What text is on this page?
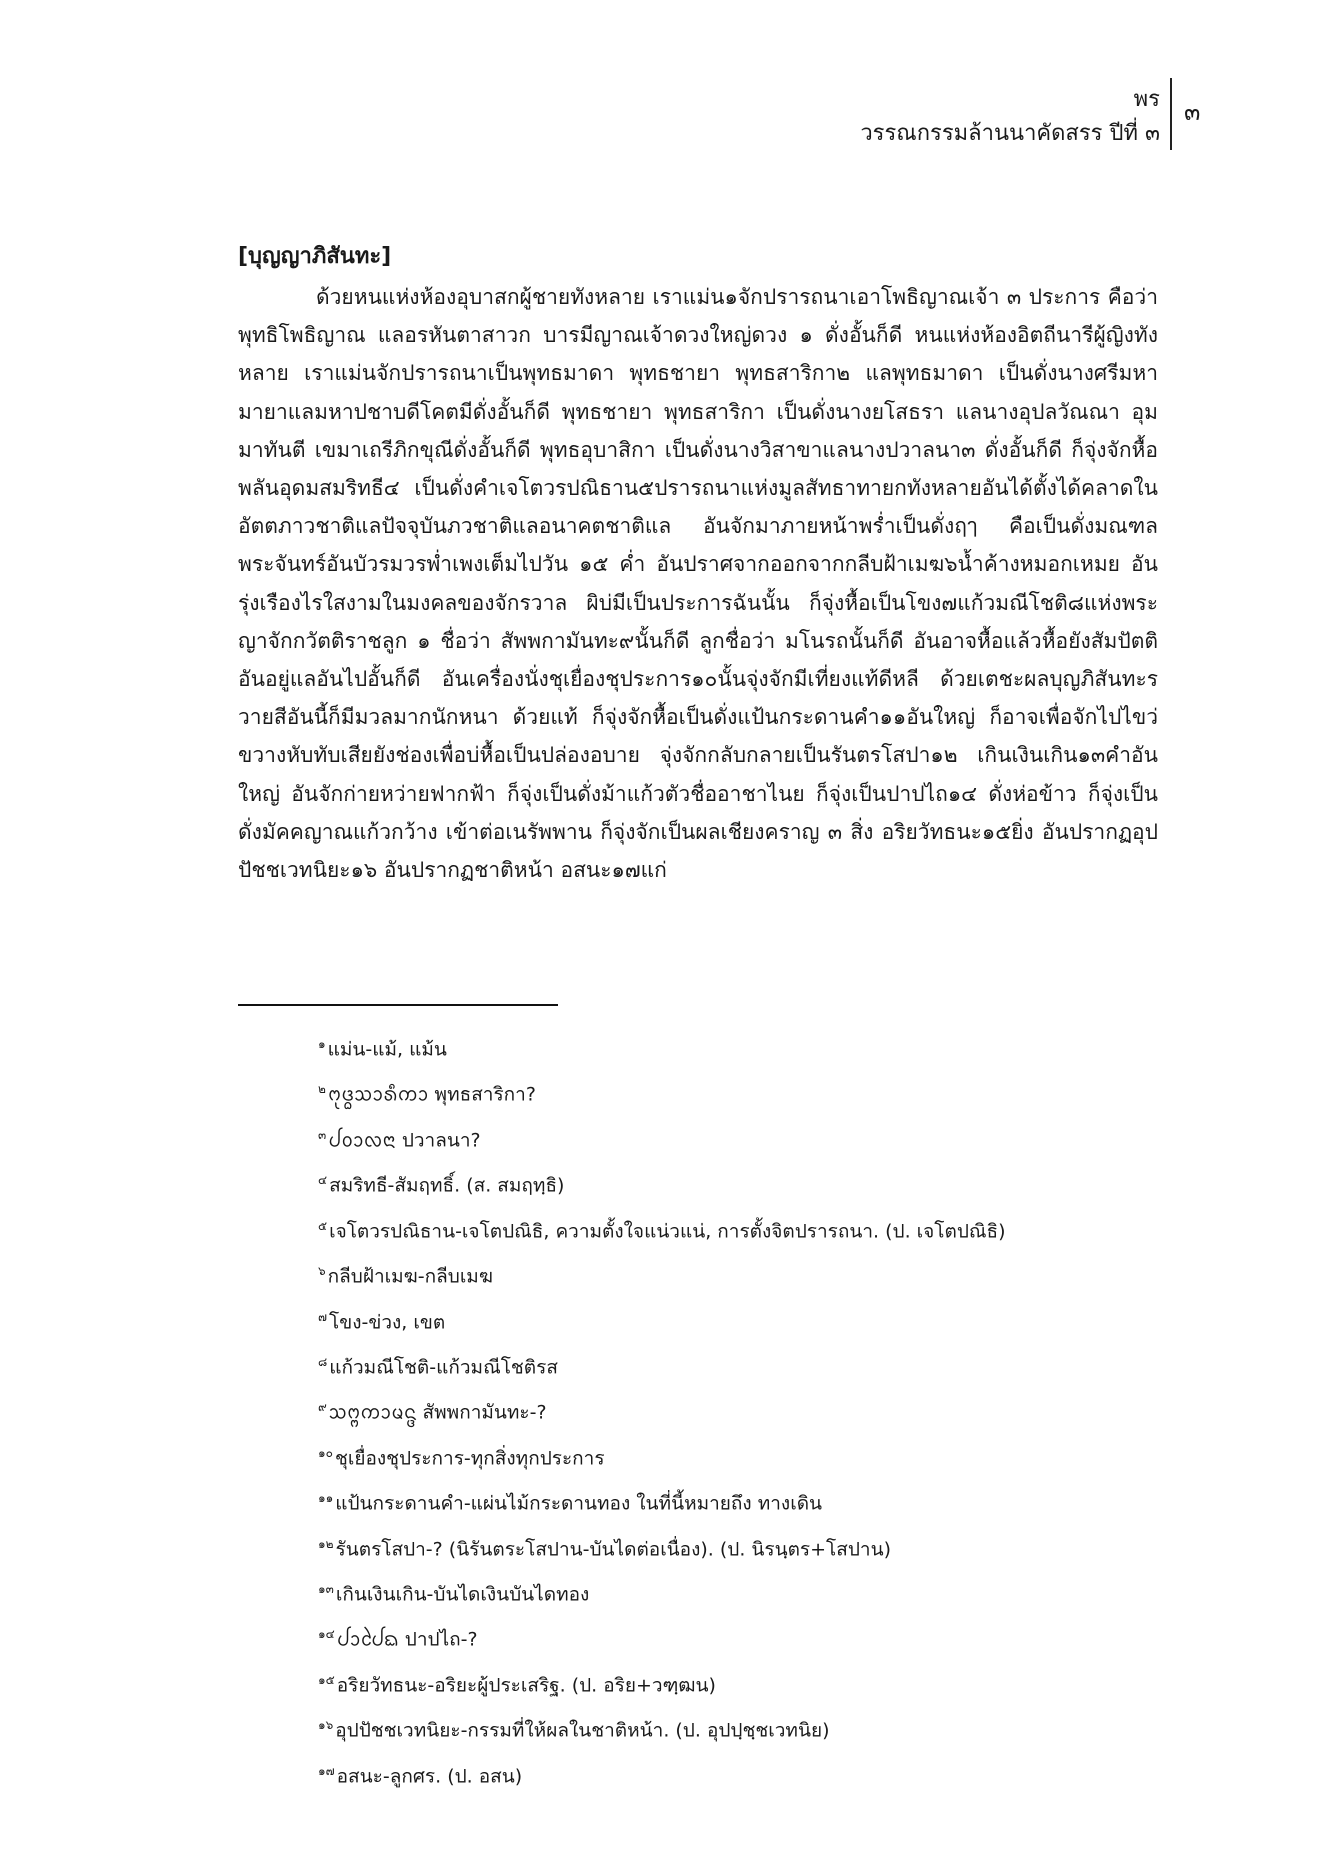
พร
วรรณกรรมล้านนาคัดสรร ปีที่ ๓
๓
[บุญญาภิสันทะ]

ด้วยหนแห่งห้องอุบาสกผู้ชายทังหลาย เราแม่น๑จักปรารถนาเอาโพธิญาณเจ้า ๓ ประการ คือว่า พุทธิโพธิญาณ แลอรหันตาสาวก บารมีญาณเจ้าดวงใหญ่ดวง ๑ ดั่งอั้นก็ดี หนแห่งห้องอิตถีนารีผู้ญิงทังหลาย เราแม่นจักปรารถนาเป็นพุทธมาดา พุทธชายา พุทธสาริกา๒ แลพุทธมาดา เป็นดั่งนางศรีมหามายาแลมหาปชาบดีโคตมีดั่งอั้นก็ดี พุทธชายา พุทธสาริกา เป็นดั่งนางยโสธรา แลนางอุปลวัณณา อุมมาทันตี เขมาเถรีภิกขุณีดั่งอั้นก็ดี พุทธอุบาสิกา เป็นดั่งนางวิสาขาแลนางปวาลนา๓ ดั่งอั้นก็ดี ก็จุ่งจักหื้อพลันอุดมสมริทธี๔ เป็นดั่งคำเจโตวรปณิธาน๕ปรารถนาแห่งมูลสัทธาทายกทังหลายอันได้ตั้งได้คลาดในอัตตภาวชาติแลปัจจุบันภวชาติแลอนาคตชาติแล อันจักมาภายหน้าพร่ำเป็นดั่งฤๅ คือเป็นดั่งมณฑลพระจันทร์อันบัวรมวรพ่ำเพงเต็มไปวัน ๑๕ ค่ำ อันปราศจากออกจากกลีบฝ้าเมฆ๖น้ำค้างหมอกเหมย อันรุ่งเรืองไรใสงามในมงคลของจักรวาล ผิบ่มีเป็นประการฉันนั้น ก็จุ่งหื้อเป็นโขง๗แก้วมณีโชติ๘แห่งพระญาจักกวัตติราชลูก ๑ ชื่อว่า สัพพกามันทะ๙นั้นก็ดี ลูกชื่อว่า มโนรถนั้นก็ดี อันอาจหื้อแล้วหื้อยังสัมปัตติอันอยู่แลอันไปอั้นก็ดี อันเครื่องนั่งชุเยื่องชุประการ๑๐นั้นจุ่งจักมีเที่ยงแท้ดีหลี ด้วยเตชะผลบุญภิสันทะรวายสีอันนี้ก็มีมวลมากนักหนา ด้วยแท้ ก็จุ่งจักหื้อเป็นดั่งแป้นกระดานคำ๑๑อันใหญ่ ก็อาจเพื่อจักไปไขว่ขวางหับทับเสียยังช่องเพื่อบ่หื้อเป็นปล่องอบาย จุ่งจักกลับกลายเป็นรันตรโสปา๑๒ เกินเงินเกิน๑๓คำอันใหญ่ อันจักก่ายหว่ายฟากฟ้า ก็จุ่งเป็นดั่งม้าแก้วตัวชื่ออาชาไนย ก็จุ่งเป็นปาปไถ๑๔ ดั่งห่อข้าว ก็จุ่งเป็นดั่งมัคคญาณแก้วกว้าง เข้าต่อเนรัพพาน ก็จุ่งจักเป็นผลเชียงคราญ ๓ สิ่ง อริยวัทธนะ๑๕ยิ่ง อันปรากฏอุปปัชชเวทนิยะ๑๖ อันปรากฏชาติหน้า อสนะ๑๗แก่

$^๑$ แม่น-แม้, แม้น
$^๒$ ᨻᩩᨴ᩠ᨵᩈᩣᩁᩥᨠᩣ พุทธสาริกา?
$^๓$ ᨸᩅᩣᩃᨶᩣ ปวาลนา?
$^๔$ สมริทธี-สัมฤทธิ์. (ส. สมฤทฺธิ)
$^๕$ เจโตวรปณิธาน-เจโตปณิธิ, ความตั้งใจแน่วแน่, การตั้งจิตปรารถนา. (ป. เจโตปณิธิ)
$^๖$ กลีบฝ้าเมฆ-กลีบเมฆ
$^๗$ โขง-ข่วง, เขต
$^๘$ แก้วมณีโชติ-แก้วมณีโชติรส
$^๙$ ᩈᨻ᩠ᨻᨠᩣᨾᨶ᩠ᨴ สัพพกามันทะ-?
$^{๑๐}$ ชุเยื่องชุประการ-ทุกสิ่งทุกประการ
$^{๑๑}$ แป้นกระดานคำ-แผ่นไม้กระดานทอง ในที่นี้หมายถึง ทางเดิน
$^{๑๒}$ รันตรโสปา-? (นิรันตระโสปาน-บันไดต่อเนื่อง). (ป. นิรนฺตร+โสปาน)
$^{๑๓}$ เกินเงินเกิน-บันไดเงินบันไดทอง
$^{๑๔}$ ᨸᩣᨸᩱᨳ ปาปไถ-?
$^{๑๕}$ อริยวัทธนะ-อริยะผู้ประเสริฐ. (ป. อริย+วฑฺฒน)
$^{๑๖}$ อุปปัชชเวทนิยะ-กรรมที่ให้ผลในชาติหน้า. (ป. อุปปฺชฺชเวทนิย)
$^{๑๗}$ อสนะ-ลูกศร. (ป. อสน)
